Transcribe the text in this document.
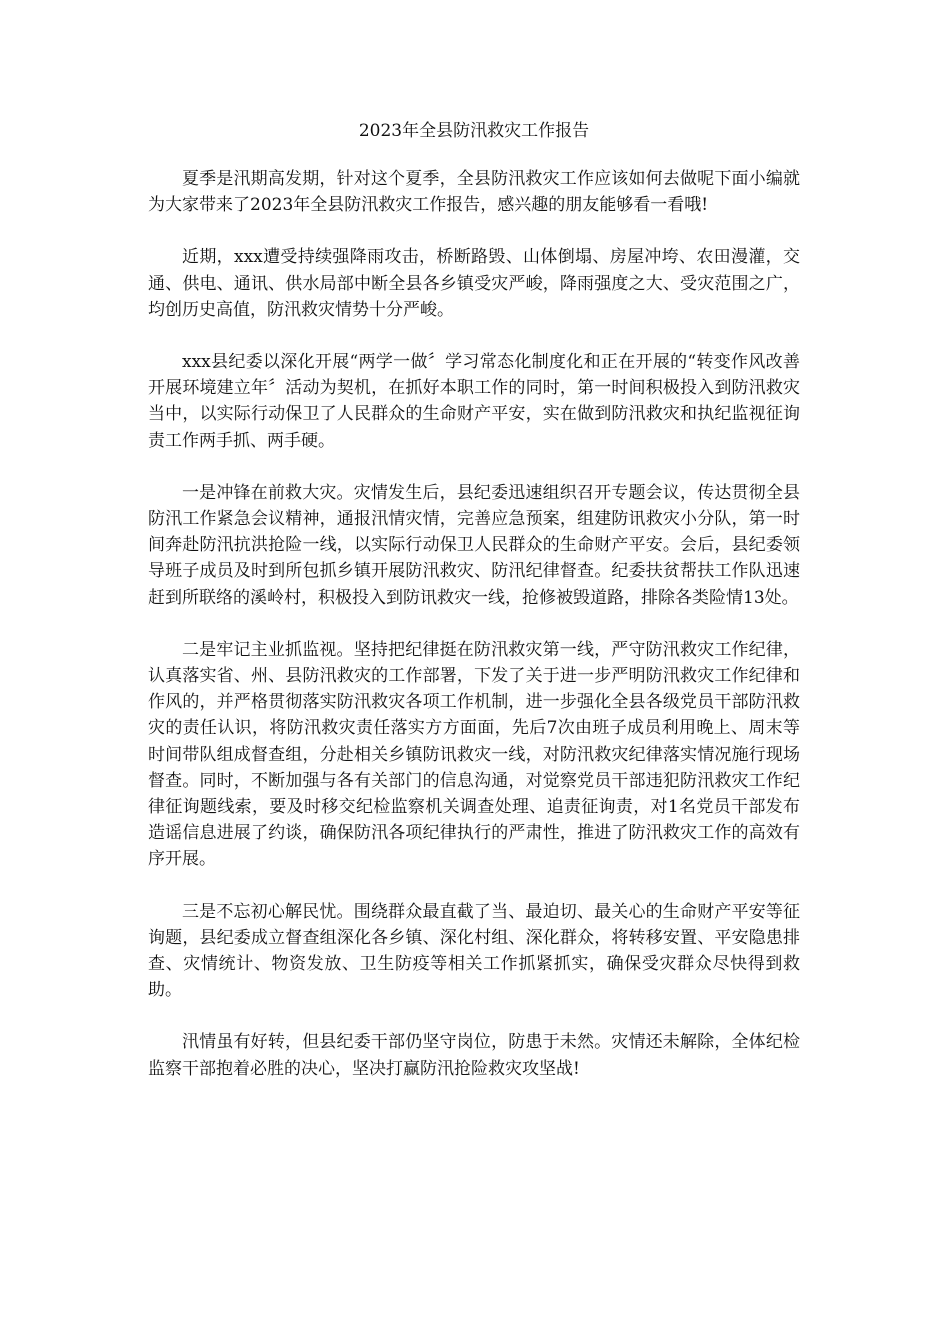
2023年全县防汛救灾工作报告

夏季是汛期高发期，针对这个夏季，全县防汛救灾工作应该如何去做呢下面小编就为大家带来了2023年全县防汛救灾工作报告，感兴趣的朋友能够看一看哦!

近期，xxx遭受持续强降雨攻击，桥断路毁、山体倒塌、房屋冲垮、农田漫灌，交通、供电、通讯、供水局部中断全县各乡镇受灾严峻，降雨强度之大、受灾范围之广，均创历史高值，防汛救灾情势十分严峻。

xxx县纪委以深化开展“两学一做〞学习常态化制度化和正在开展的“转变作风改善开展环境建立年〞活动为契机，在抓好本职工作的同时，第一时间积极投入到防汛救灾当中，以实际行动保卫了人民群众的生命财产平安，实在做到防汛救灾和执纪监视征询责工作两手抓、两手硬。

一是冲锋在前救大灾。灾情发生后，县纪委迅速组织召开专题会议，传达贯彻全县防汛工作紧急会议精神，通报汛情灾情，完善应急预案，组建防讯救灾小分队，第一时间奔赴防汛抗洪抢险一线，以实际行动保卫人民群众的生命财产平安。会后，县纪委领导班子成员及时到所包抓乡镇开展防汛救灾、防汛纪律督查。纪委扶贫帮扶工作队迅速赶到所联络的溪岭村，积极投入到防讯救灾一线，抢修被毁道路，排除各类险情13处。

二是牢记主业抓监视。坚持把纪律挺在防汛救灾第一线，严守防汛救灾工作纪律，认真落实省、州、县防汛救灾的工作部署，下发了关于进一步严明防汛救灾工作纪律和作风的，并严格贯彻落实防汛救灾各项工作机制，进一步强化全县各级党员干部防汛救灾的责任认识，将防汛救灾责任落实方方面面，先后7次由班子成员利用晚上、周末等时间带队组成督查组，分赴相关乡镇防讯救灾一线，对防汛救灾纪律落实情况施行现场督查。同时，不断加强与各有关部门的信息沟通，对觉察党员干部违犯防汛救灾工作纪律征询题线索，要及时移交纪检监察机关调查处理、追责征询责，对1名党员干部发布造谣信息进展了约谈，确保防汛各项纪律执行的严肃性，推进了防汛救灾工作的高效有序开展。

三是不忘初心解民忧。围绕群众最直截了当、最迫切、最关心的生命财产平安等征询题，县纪委成立督查组深化各乡镇、深化村组、深化群众，将转移安置、平安隐患排查、灾情统计、物资发放、卫生防疫等相关工作抓紧抓实，确保受灾群众尽快得到救助。

汛情虽有好转，但县纪委干部仍坚守岗位，防患于未然。灾情还未解除，全体纪检监察干部抱着必胜的决心，坚决打赢防汛抢险救灾攻坚战!
